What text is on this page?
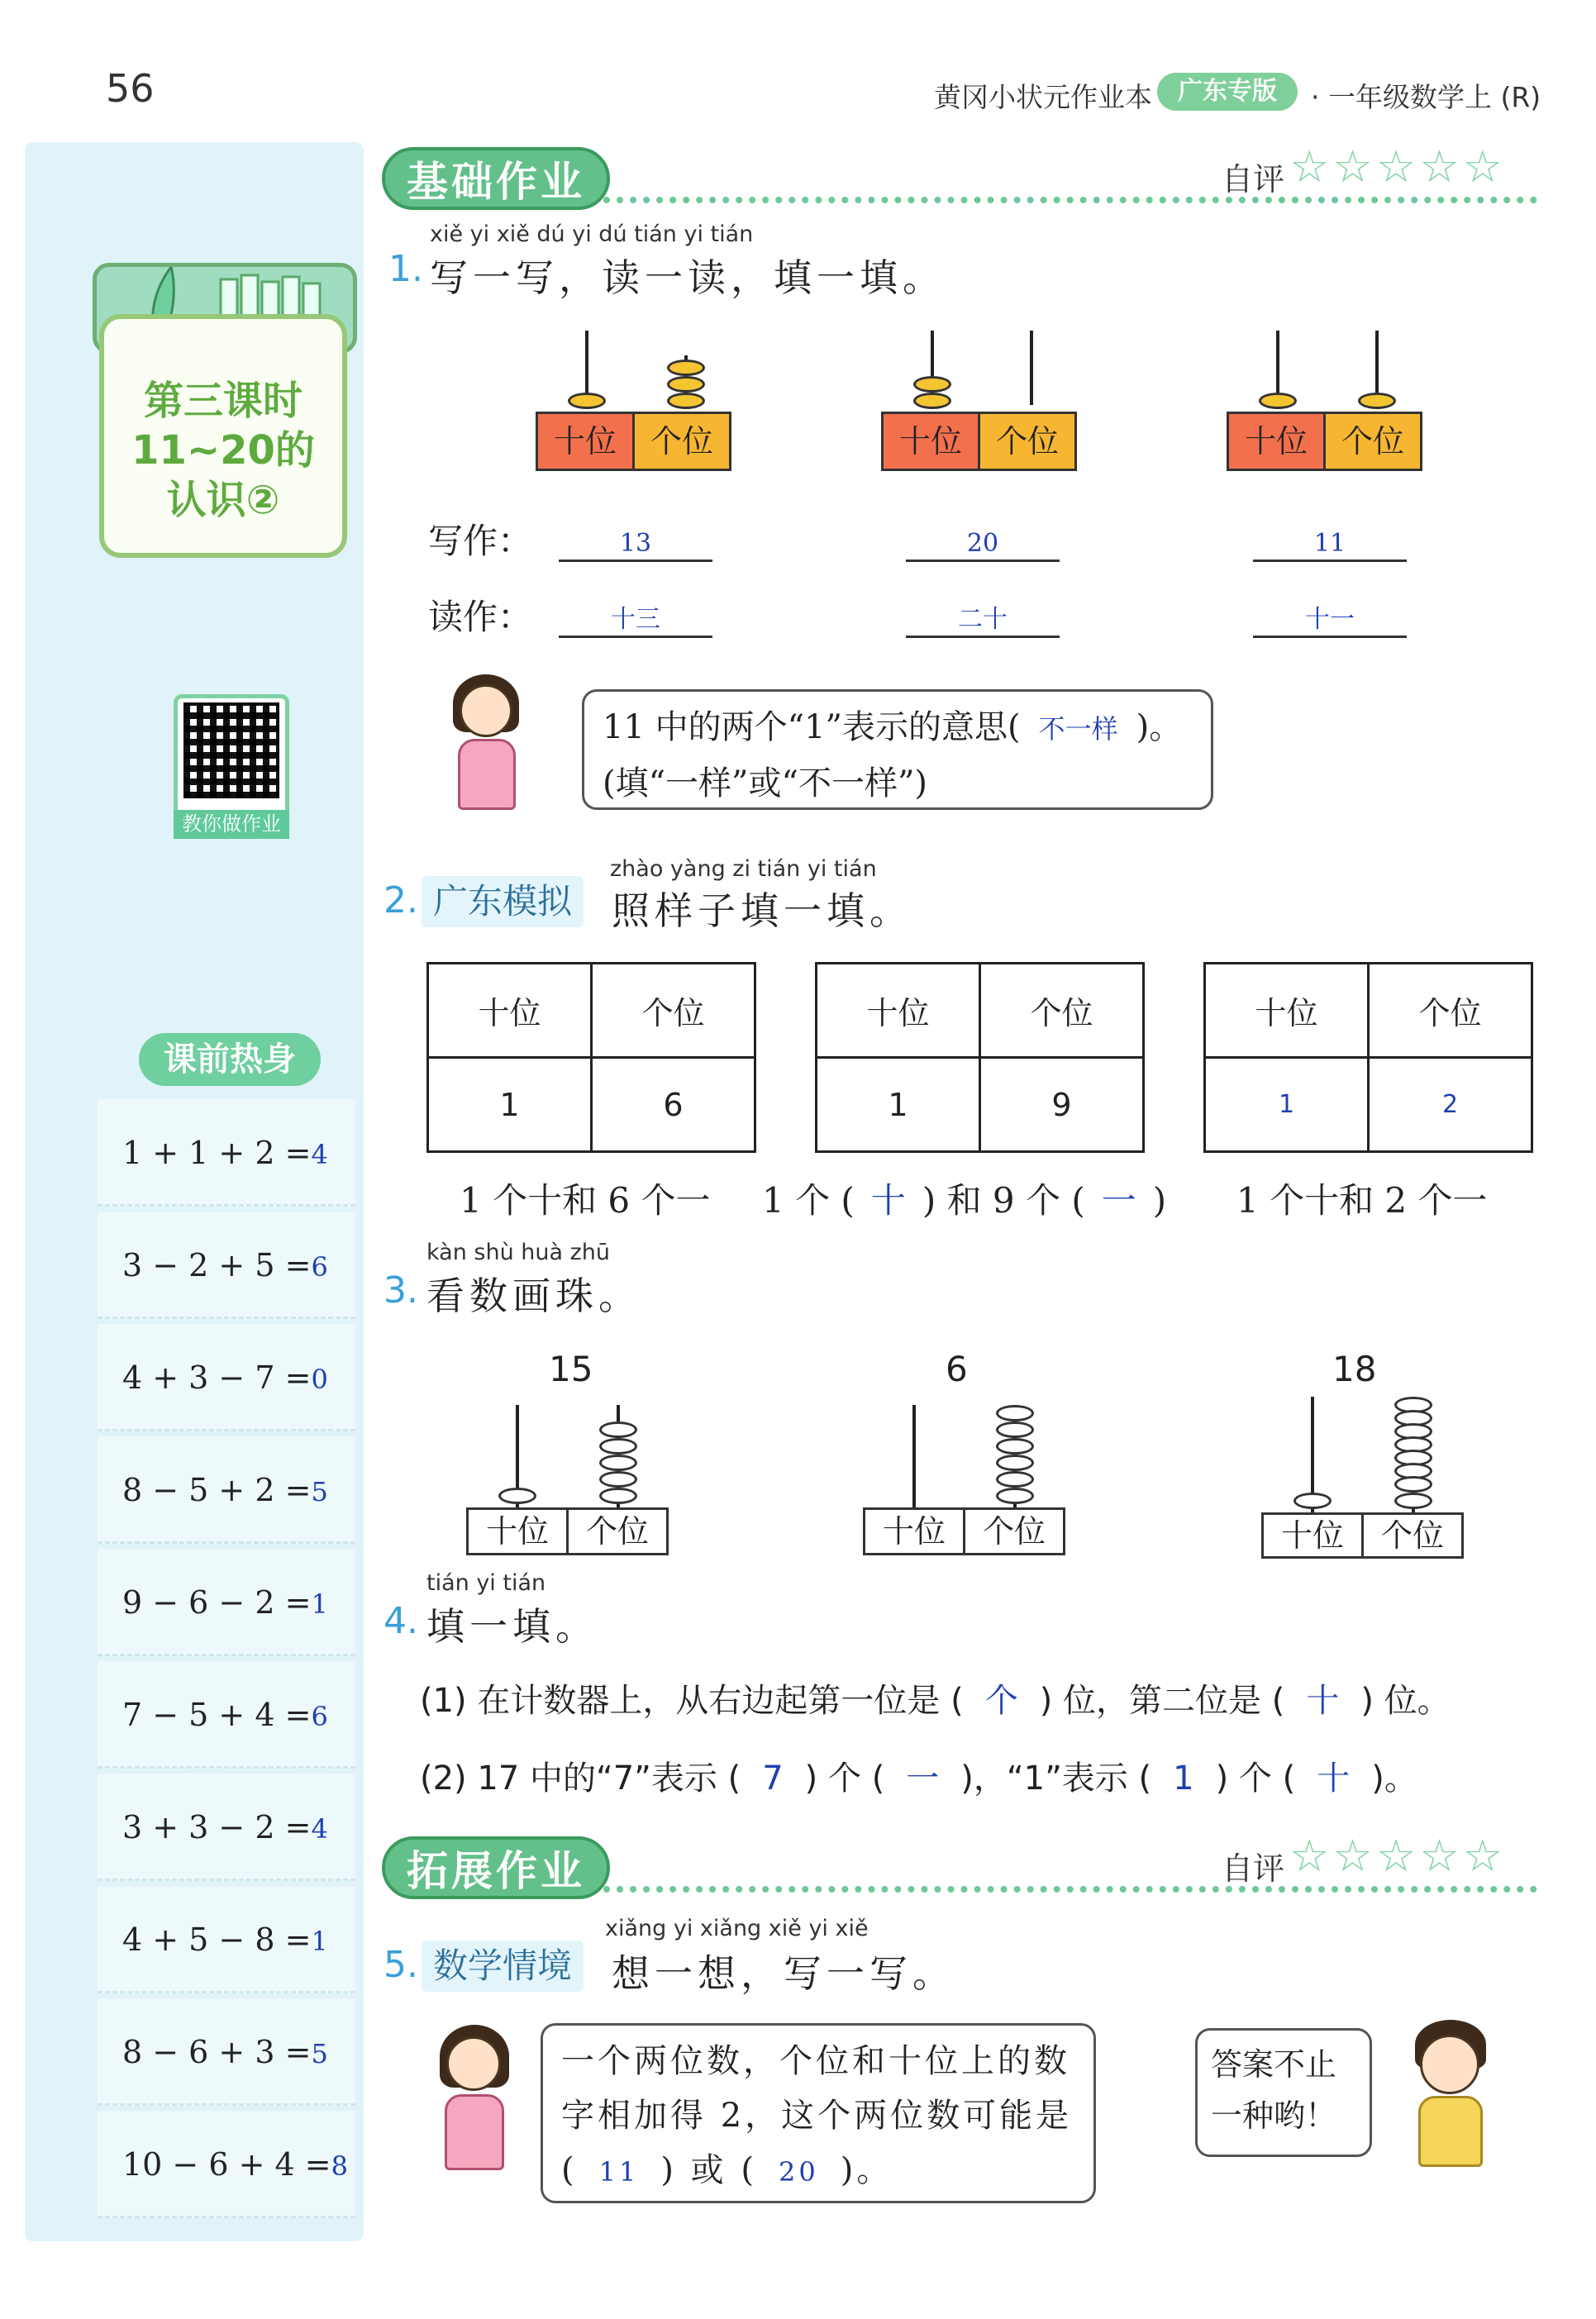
56	黄冈小状元作业本	广东专版	· 一年级数学上 (R)
第三课时 11~20的 认识②
教你做作业
课前热身
1 + 1 + 2 =4
3 − 2 + 5 =6
4 + 3 − 7 =0
8 − 5 + 2 =5
9 − 6 − 2 =1
7 − 5 + 4 =6
3 + 3 − 2 =4
4 + 5 − 8 =1
8 − 6 + 3 =5
10 − 6 + 4 =8
基础作业	自评 ☆☆☆☆☆
1.
xiě yi xiě dú yi dú tián yi tián
写一写，读一读，填一填。
十位	个位	十位	个位	十位	个位
写作：	13	20	11
读作：	十三	二十	十一
11 中的两个“1”表示的意思( 不一样 )。
(填“一样”或“不一样”)
2. 广东模拟
zhào yàng zi tián yi tián
照样子填一填。
十位	个位
1	6
十位	个位
1	9
十位	个位
1	2
1 个十和 6 个一 1 个 ( 十 ) 和 9 个 ( 一 ) 1 个十和 2 个一
kàn shù huà zhū
3. 看数画珠。
15	6	18
十位	个位	十位	个位	十位	个位
tián yi tián
4. 填一填。
(1) 在计数器上，从右边起第一位是 ( 个 ) 位，第二位是 ( 十 ) 位。
(2) 17 中的“7”表示 ( 7 ) 个 ( 一 )，“1”表示 ( 1 ) 个 ( 十 )。
拓展作业	自评 ☆☆☆☆☆
5. 数学情境
xiǎng yi xiǎng xiě yi xiě
想一想，写一写。
一个两位数，个位和十位上的数
字相加得 2，这个两位数可能是
( 11 ) 或 ( 20 )。
答案不止
一种哟！
